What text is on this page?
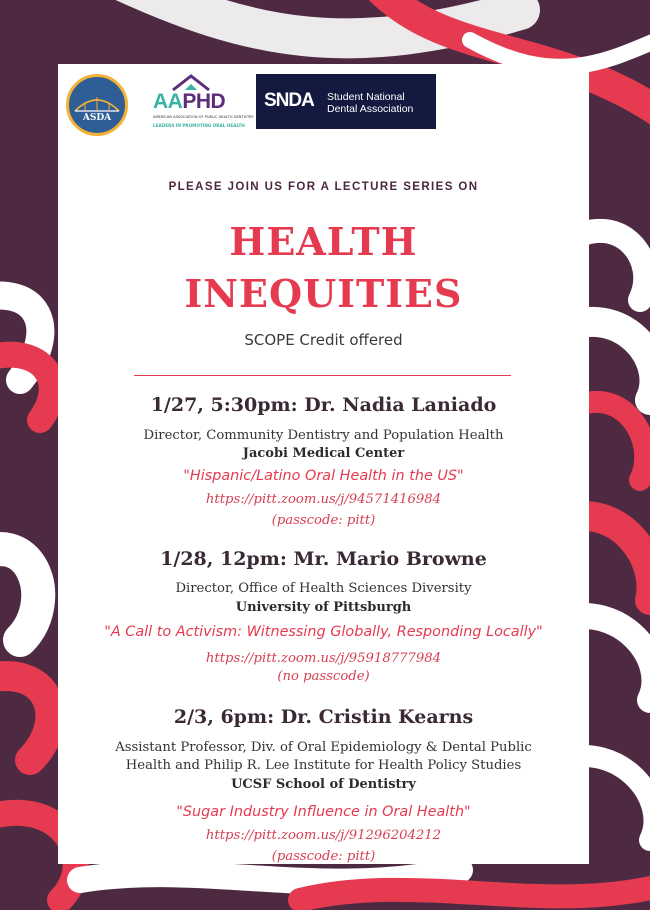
ASDA
AAPHD
AMERICAN ASSOCIATION OF PUBLIC HEALTH DENTISTRY
LEADERS IN PROMOTING ORAL HEALTH
SNDA Student National
Dental Association
PLEASE JOIN US FOR A LECTURE SERIES ON
HEALTH
INEQUITIES
SCOPE Credit offered
1/27, 5:30pm: Dr. Nadia Laniado
Director, Community Dentistry and Population Health
Jacobi Medical Center
"Hispanic/Latino Oral Health in the US"
https://pitt.zoom.us/j/94571416984
(passcode: pitt)
1/28, 12pm: Mr. Mario Browne
Director, Office of Health Sciences Diversity
University of Pittsburgh
"A Call to Activism: Witnessing Globally, Responding Locally"
https://pitt.zoom.us/j/95918777984
(no passcode)
2/3, 6pm: Dr. Cristin Kearns
Assistant Professor, Div. of Oral Epidemiology & Dental Public
Health and Philip R. Lee Institute for Health Policy Studies
UCSF School of Dentistry
"Sugar Industry Influence in Oral Health"
https://pitt.zoom.us/j/91296204212
(passcode: pitt)
